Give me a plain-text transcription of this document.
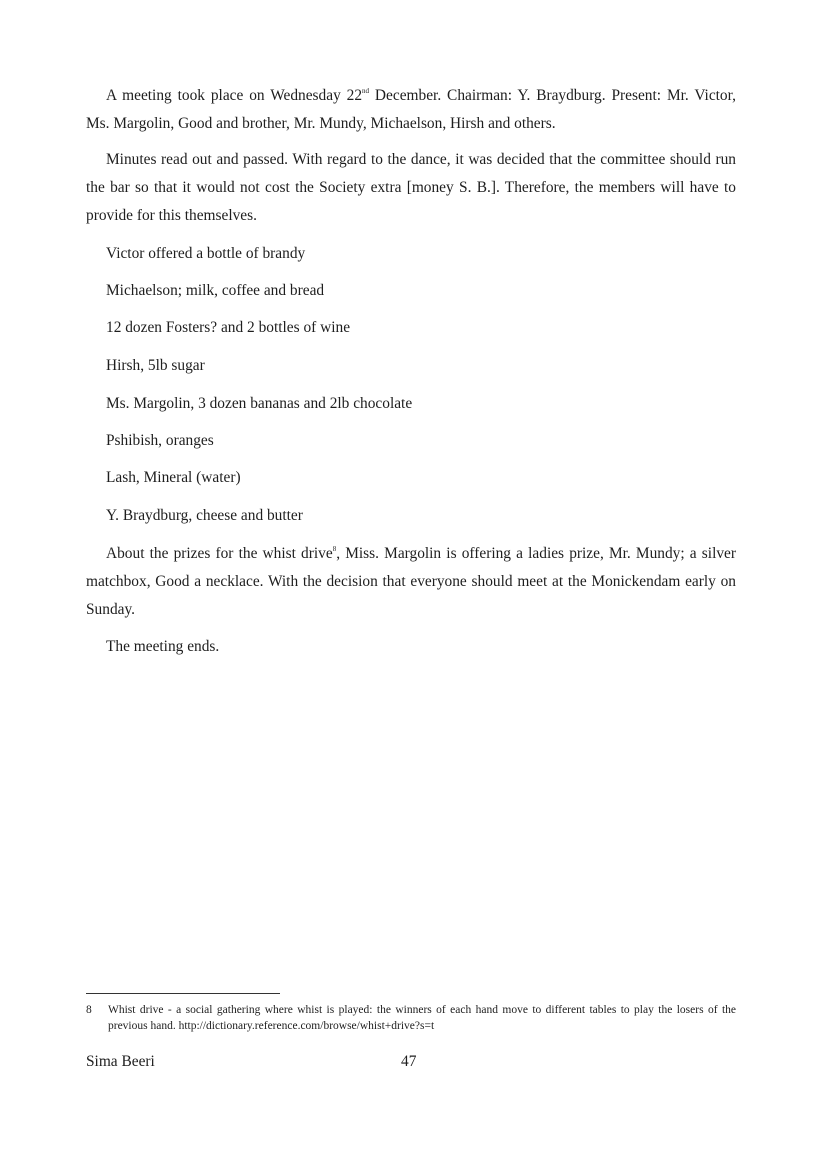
A meeting took place on Wednesday 22nd December. Chairman: Y. Braydburg. Present: Mr. Victor, Ms. Margolin, Good and brother, Mr. Mundy, Michaelson, Hirsh and others.

Minutes read out and passed. With regard to the dance, it was decided that the committee should run the bar so that it would not cost the Society extra [money S. B.]. Therefore, the members will have to provide for this themselves.

Victor offered a bottle of brandy

Michaelson; milk, coffee and bread

12 dozen Fosters? and 2 bottles of wine

Hirsh, 5lb sugar

Ms. Margolin, 3 dozen bananas and 2lb chocolate

Pshibish, oranges

Lash, Mineral (water)

Y. Braydburg, cheese and butter

About the prizes for the whist drive$^8$, Miss. Margolin is offering a ladies prize, Mr. Mundy; a silver matchbox, Good a necklace. With the decision that everyone should meet at the Monickendam early on Sunday.

The meeting ends.

8 Whist drive - a social gathering where whist is played: the winners of each hand move to different tables to play the losers of the previous hand. http://dictionary.reference.com/browse/whist+drive?s=t

Sima Beeri	47
